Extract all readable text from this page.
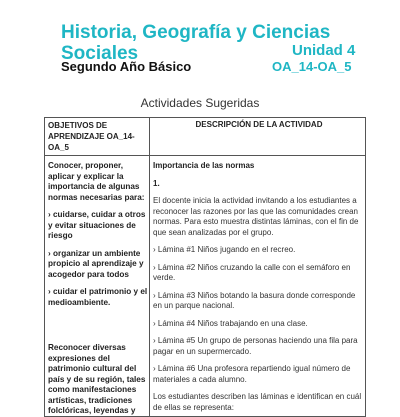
Historia, Geografía y Ciencias Sociales	Unidad 4
Segundo Año Básico	OA_14-OA_5
Actividades Sugeridas
OBJETIVOS DE APRENDIZAJE OA_14-OA_5
DESCRIPCIÓN DE LA ACTIVIDAD

Conocer, proponer, aplicar y explicar la importancia de algunas normas necesarias para:

› cuidarse, cuidar a otros y evitar situaciones de riesgo

› organizar un ambiente propicio al aprendizaje y acogedor para todos

› cuidar el patrimonio y el medioambiente.

Reconocer diversas expresiones del patrimonio cultural del país y de su región, tales como manifestaciones artísticas, tradiciones folclóricas, leyendas y

Importancia de las normas

1.

El docente inicia la actividad invitando a los estudiantes a reconocer las razones por las que las comunidades crean normas. Para esto muestra distintas láminas, con el fin de que sean analizadas por el grupo.

› Lámina #1 Niños jugando en el recreo.

› Lámina #2 Niños cruzando la calle con el semáforo en verde.

› Lámina #3 Niños botando la basura donde corresponde en un parque nacional.

› Lámina #4 Niños trabajando en una clase.

› Lámina #5 Un grupo de personas haciendo una fila para pagar en un supermercado.

› Lámina #6 Una profesora repartiendo igual número de materiales a cada alumno.

Los estudiantes describen las láminas e identifican en cuál de ellas se representa:
